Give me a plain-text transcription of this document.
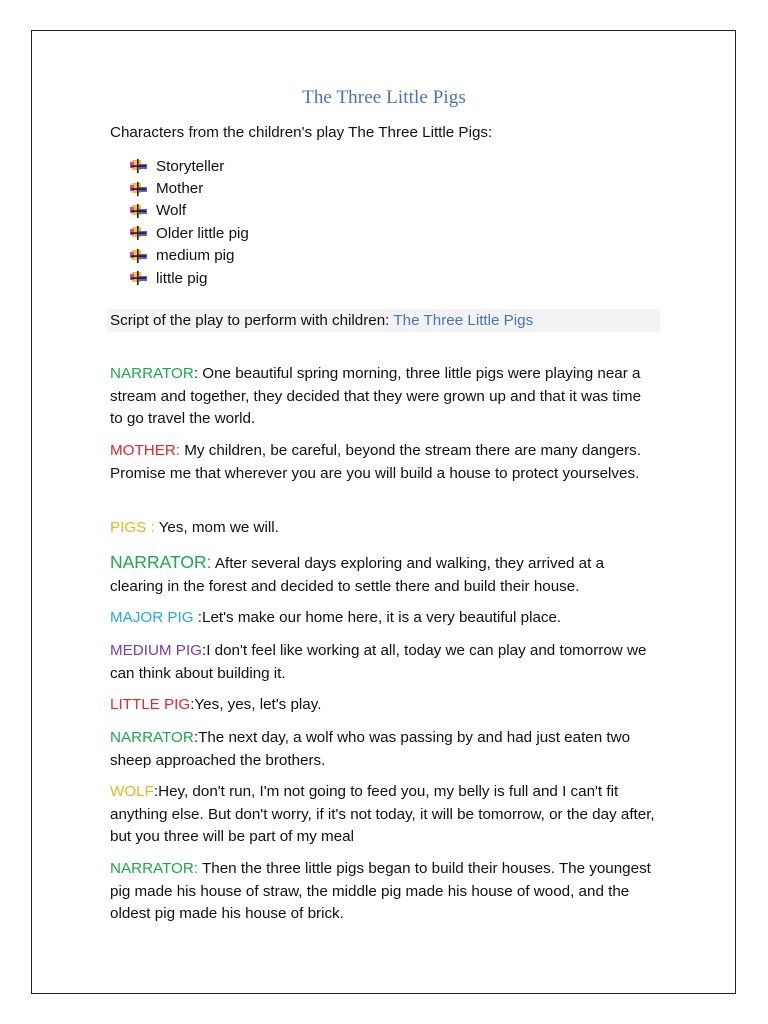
The Three Little Pigs
Characters from the children's play The Three Little Pigs:
Storyteller
Mother
Wolf
Older little pig
medium pig
little pig
Script of the play to perform with children: The Three Little Pigs

NARRATOR: One beautiful spring morning, three little pigs were playing near a stream and together, they decided that they were grown up and that it was time to go travel the world.

MOTHER: My children, be careful, beyond the stream there are many dangers. Promise me that wherever you are you will build a house to protect yourselves.

PIGS : Yes, mom we will.

NARRATOR: After several days exploring and walking, they arrived at a clearing in the forest and decided to settle there and build their house.

MAJOR PIG :Let's make our home here, it is a very beautiful place.

MEDIUM PIG:I don't feel like working at all, today we can play and tomorrow we can think about building it.

LITTLE PIG:Yes, yes, let's play.

NARRATOR:The next day, a wolf who was passing by and had just eaten two sheep approached the brothers.

WOLF:Hey, don't run, I'm not going to feed you, my belly is full and I can't fit anything else. But don't worry, if it's not today, it will be tomorrow, or the day after, but you three will be part of my meal

NARRATOR: Then the three little pigs began to build their houses. The youngest pig made his house of straw, the middle pig made his house of wood, and the oldest pig made his house of brick.
